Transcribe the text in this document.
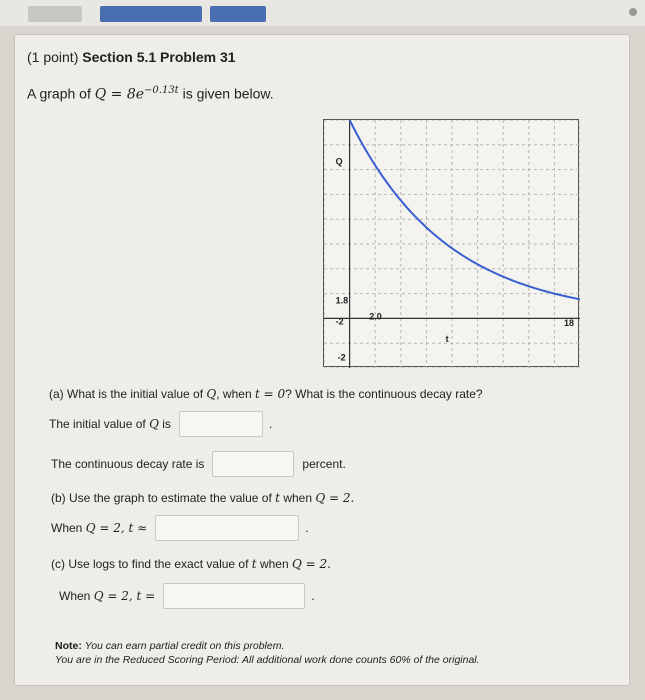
(1 point) Section 5.1 Problem 31
A graph of $Q = 8e^{-0.13t}$ is given below.
Q
1.8
-2	2.0
18
t
-2
(a) What is the initial value of Q, when t = 0? What is the continuous decay rate?
The initial value of
Q
is	.
The continuous decay rate is	percent.
(b) Use the graph to estimate the value of t when Q = 2.
When
Q = 2, t ≈	.
(c) Use logs to find the exact value of t when Q = 2.
When
Q = 2, t =	.
Note: You can earn partial credit on this problem.
You are in the Reduced Scoring Period: All additional work done counts 60% of the original.
